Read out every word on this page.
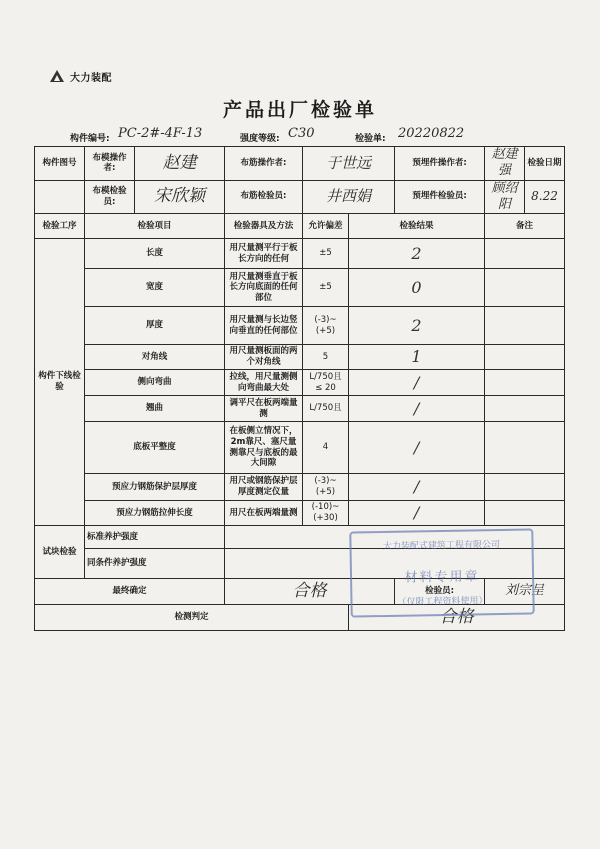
大力装配
产品出厂检验单
构件编号: PC-2#-4F-13	强度等级: C30	检验单: 20220822
构件图号	布模操作者:	赵建	布筋操作者:	于世远		预埋件操作者:	赵建强	检验日期
	布模检验员:	宋欣颖	布筋检验员:	井西娟		预埋件检验员:	顾绍阳	8.22
检验工序	检验项目		检验器具及方法	允许偏差	检验结果		备注	
构件下线检验	长度		用尺量测平行于板长方向的任何	±5	2			

	宽度		用尺量测垂直于板长方向底面的任何部位	±5	0			

	厚度		用尺量测与长边竖向垂直的任何部位	(-3)~(+5)	2			

	对角线		用尺量测板面的两个对角线	5	1			

	侧向弯曲		拉线，用尺量测侧向弯曲最大处	L/750且 ≤ 20	/			

	翘曲		调平尺在板两端量测	L/750且	/			

	底板平整度		在板侧立情况下，2m靠尺、塞尺量测靠尺与底板的最大间隙	4	/			

	预应力钢筋保护层厚度		用尺或钢筋保护层厚度测定仪量	(-3)~(+5)	/			

	预应力钢筋拉伸长度		用尺在板两端量测	(-10)~(+30)	/			

试块检验	标准养护强度							
	同条件养护强度							
最终确定			合格			检验员:	刘宗呈	
检测判定					合格			
大力装配式建筑工程有限公司
材料专用章
（仅限工程资料使用）
